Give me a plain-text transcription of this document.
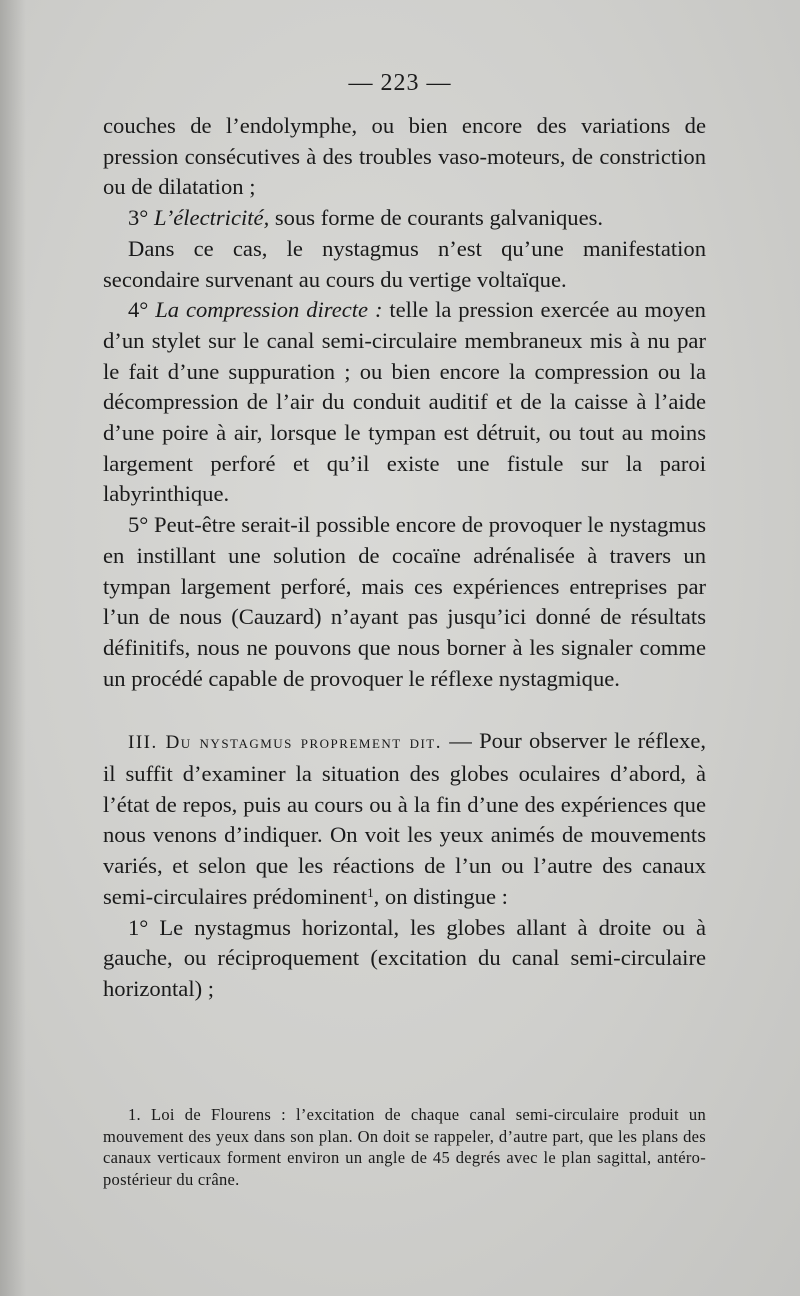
— 223 —

couches de l’endolymphe, ou bien encore des variations de pression consécutives à des troubles vaso-moteurs, de constriction ou de dilatation ;

3° L’électricité, sous forme de courants galvaniques.

Dans ce cas, le nystagmus n’est qu’une manifestation secondaire survenant au cours du vertige voltaïque.

4° La compression directe : telle la pression exercée au moyen d’un stylet sur le canal semi-circulaire membraneux mis à nu par le fait d’une suppuration ; ou bien encore la compression ou la décompression de l’air du conduit auditif et de la caisse à l’aide d’une poire à air, lorsque le tympan est détruit, ou tout au moins largement perforé et qu’il existe une fistule sur la paroi labyrinthique.

5° Peut-être serait-il possible encore de provoquer le nystagmus en instillant une solution de cocaïne adrénalisée à travers un tympan largement perforé, mais ces expériences entreprises par l’un de nous (Cauzard) n’ayant pas jusqu’ici donné de résultats définitifs, nous ne pouvons que nous borner à les signaler comme un procédé capable de provoquer le réflexe nystagmique.

III. Du nystagmus proprement dit. — Pour observer le réflexe, il suffit d’examiner la situation des globes oculaires d’abord, à l’état de repos, puis au cours ou à la fin d’une des expériences que nous venons d’indiquer. On voit les yeux animés de mouvements variés, et selon que les réactions de l’un ou l’autre des canaux semi-circulaires prédominent$^1$, on distingue :

1° Le nystagmus horizontal, les globes allant à droite ou à gauche, ou réciproquement (excitation du canal semi-circulaire horizontal) ;

1. Loi de Flourens : l’excitation de chaque canal semi-circulaire produit un mouvement des yeux dans son plan. On doit se rappeler, d’autre part, que les plans des canaux verticaux forment environ un angle de 45 degrés avec le plan sagittal, antéro-postérieur du crâne.
